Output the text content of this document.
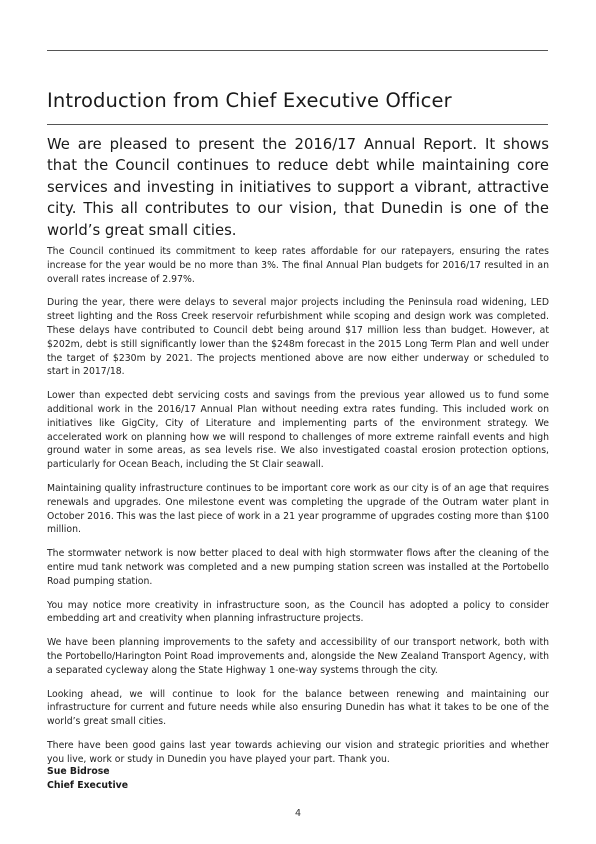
Introduction from Chief Executive Officer

We are pleased to present the 2016/17 Annual Report. It shows that the Council continues to reduce debt while maintaining core services and investing in initiatives to support a vibrant, attractive city. This all contributes to our vision, that Dunedin is one of the world’s great small cities.

The Council continued its commitment to keep rates affordable for our ratepayers, ensuring the rates increase for the year would be no more than 3%. The final Annual Plan budgets for 2016/17 resulted in an overall rates increase of 2.97%.

During the year, there were delays to several major projects including the Peninsula road widening, LED street lighting and the Ross Creek reservoir refurbishment while scoping and design work was completed. These delays have contributed to Council debt being around $17 million less than budget. However, at $202m, debt is still significantly lower than the $248m forecast in the 2015 Long Term Plan and well under the target of $230m by 2021. The projects mentioned above are now either underway or scheduled to start in 2017/18.

Lower than expected debt servicing costs and savings from the previous year allowed us to fund some additional work in the 2016/17 Annual Plan without needing extra rates funding. This included work on initiatives like GigCity, City of Literature and implementing parts of the environment strategy. We accelerated work on planning how we will respond to challenges of more extreme rainfall events and high ground water in some areas, as sea levels rise. We also investigated coastal erosion protection options, particularly for Ocean Beach, including the St Clair seawall.

Maintaining quality infrastructure continues to be important core work as our city is of an age that requires renewals and upgrades. One milestone event was completing the upgrade of the Outram water plant in October 2016. This was the last piece of work in a 21 year programme of upgrades costing more than $100 million.

The stormwater network is now better placed to deal with high stormwater flows after the cleaning of the entire mud tank network was completed and a new pumping station screen was installed at the Portobello Road pumping station.

You may notice more creativity in infrastructure soon, as the Council has adopted a policy to consider embedding art and creativity when planning infrastructure projects.

We have been planning improvements to the safety and accessibility of our transport network, both with the Portobello/Harington Point Road improvements and, alongside the New Zealand Transport Agency, with a separated cycleway along the State Highway 1 one-way systems through the city.

Looking ahead, we will continue to look for the balance between renewing and maintaining our infrastructure for current and future needs while also ensuring Dunedin has what it takes to be one of the world’s great small cities.

There have been good gains last year towards achieving our vision and strategic priorities and whether you live, work or study in Dunedin you have played your part. Thank you.

Sue Bidrose
Chief Executive
4
